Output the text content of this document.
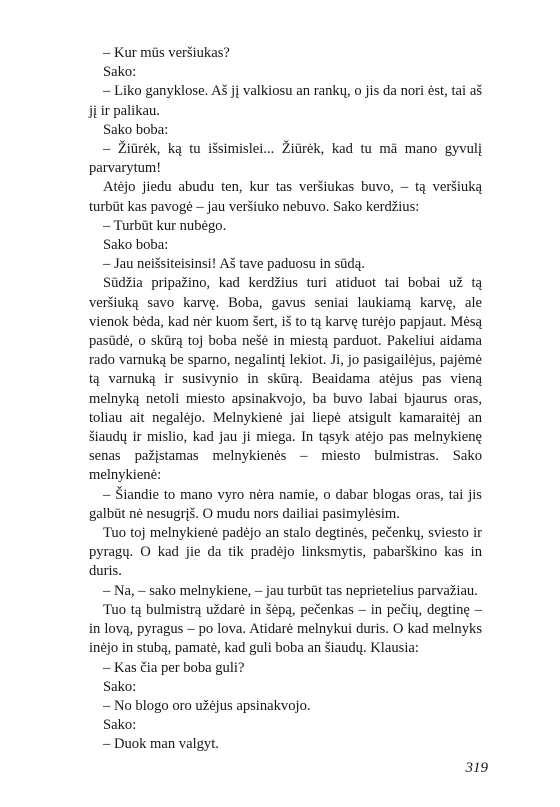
– Kur mūs veršiukas?

Sako:

– Liko ganyklose. Aš jį valkiosu an rankų, o jis da nori ėst, tai aš jį ir palikau.

Sako boba:

– Žiūrėk, ką tu išsimislei... Žiūrėk, kad tu mā mano gyvulį parvarytum!

Atėjo jiedu abudu ten, kur tas veršiukas buvo, – tą veršiuką turbūt kas pavogė – jau veršiuko nebuvo. Sako kerdžius:

– Turbūt kur nubėgo.

Sako boba:

– Jau neišsiteisinsi! Aš tave paduosu in sūdą.

Sūdžia pripažino, kad kerdžius turi atiduot tai bobai už tą veršiuką savo karvę. Boba, gavus seniai laukiamą karvę, ale vienok bėda, kad nėr kuom šert, iš to tą karvę turėjo papjaut. Mėsą pasūdė, o skūrą toj boba nešė in miestą parduot. Pakeliui aidama rado varnuką be sparno, negalintį lekiot. Ji, jo pasigailėjus, pajėmė tą varnuką ir susivynio in skūrą. Beaidama atėjus pas vieną melnyką netoli miesto apsinakvojo, ba buvo labai bjaurus oras, toliau ait negalėjo. Melnykienė jai liepė atsigult kamaraitėj an šiaudų ir mislio, kad jau ji miega. In tąsyk atėjo pas melnykienę senas pažįstamas melnykienės – miesto bulmistras. Sako melnykienė:

– Šiandie to mano vyro nėra namie, o dabar blogas oras, tai jis galbūt nė nesugrįš. O mudu nors dailiai pasimylėsim.

Tuo toj melnykienė padėjo an stalo degtinės, pečenkų, sviesto ir pyragų. O kad jie da tik pradėjo linksmytis, pabarškino kas in duris.

– Na, – sako melnykiene, – jau turbūt tas neprietelius parvažiau.

Tuo tą bulmistrą uždarė in šėpą, pečenkas – in pečių, degtinę – in lovą, pyragus – po lova. Atidarė melnykui duris. O kad melnyks inėjo in stubą, pamatė, kad guli boba an šiaudų. Klausia:

– Kas čia per boba guli?

Sako:

– No blogo oro užėjus apsinakvojo.

Sako:

– Duok man valgyt.

319
